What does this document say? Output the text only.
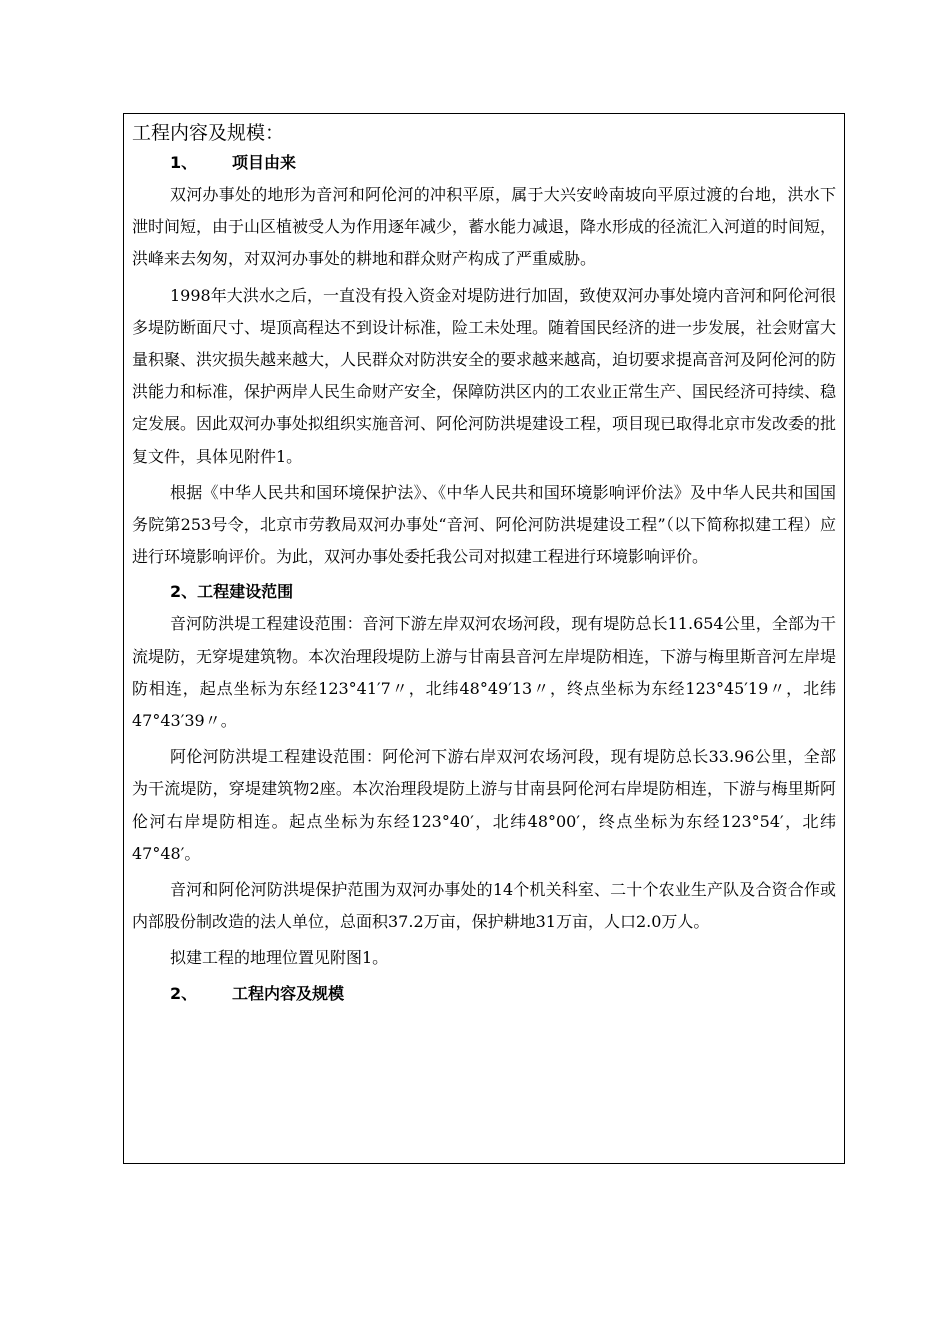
工程内容及规模：
1、 项目由来

双河办事处的地形为音河和阿伦河的冲积平原，属于大兴安岭南坡向平原过渡的台地，洪水下泄时间短，由于山区植被受人为作用逐年减少，蓄水能力减退，降水形成的径流汇入河道的时间短，洪峰来去匆匆，对双河办事处的耕地和群众财产构成了严重威胁。

1998年大洪水之后，一直没有投入资金对堤防进行加固，致使双河办事处境内音河和阿伦河很多堤防断面尺寸、堤顶高程达不到设计标准，险工未处理。随着国民经济的进一步发展，社会财富大量积聚、洪灾损失越来越大，人民群众对防洪安全的要求越来越高，迫切要求提高音河及阿伦河的防洪能力和标准，保护两岸人民生命财产安全，保障防洪区内的工农业正常生产、国民经济可持续、稳定发展。因此双河办事处拟组织实施音河、阿伦河防洪堤建设工程，项目现已取得北京市发改委的批复文件，具体见附件1。

根据《中华人民共和国环境保护法》、《中华人民共和国环境影响评价法》及中华人民共和国国务院第253号令，北京市劳教局双河办事处“音河、阿伦河防洪堤建设工程”（以下简称拟建工程）应进行环境影响评价。为此，双河办事处委托我公司对拟建工程进行环境影响评价。

2、工程建设范围

音河防洪堤工程建设范围：音河下游左岸双河农场河段，现有堤防总长11.654公里，全部为干流堤防，无穿堤建筑物。本次治理段堤防上游与甘南县音河左岸堤防相连，下游与梅里斯音河左岸堤防相连，起点坐标为东经123°41′7〃，北纬48°49′13〃，终点坐标为东经123°45′19〃，北纬47°43′39〃。

阿伦河防洪堤工程建设范围：阿伦河下游右岸双河农场河段，现有堤防总长33.96公里，全部为干流堤防，穿堤建筑物2座。本次治理段堤防上游与甘南县阿伦河右岸堤防相连，下游与梅里斯阿伦河右岸堤防相连。起点坐标为东经123°40′，北纬48°00′，终点坐标为东经123°54′，北纬47°48′。

音河和阿伦河防洪堤保护范围为双河办事处的14个机关科室、二十个农业生产队及合资合作或内部股份制改造的法人单位，总面积37.2万亩，保护耕地31万亩，人口2.0万人。

拟建工程的地理位置见附图1。

2、 工程内容及规模
